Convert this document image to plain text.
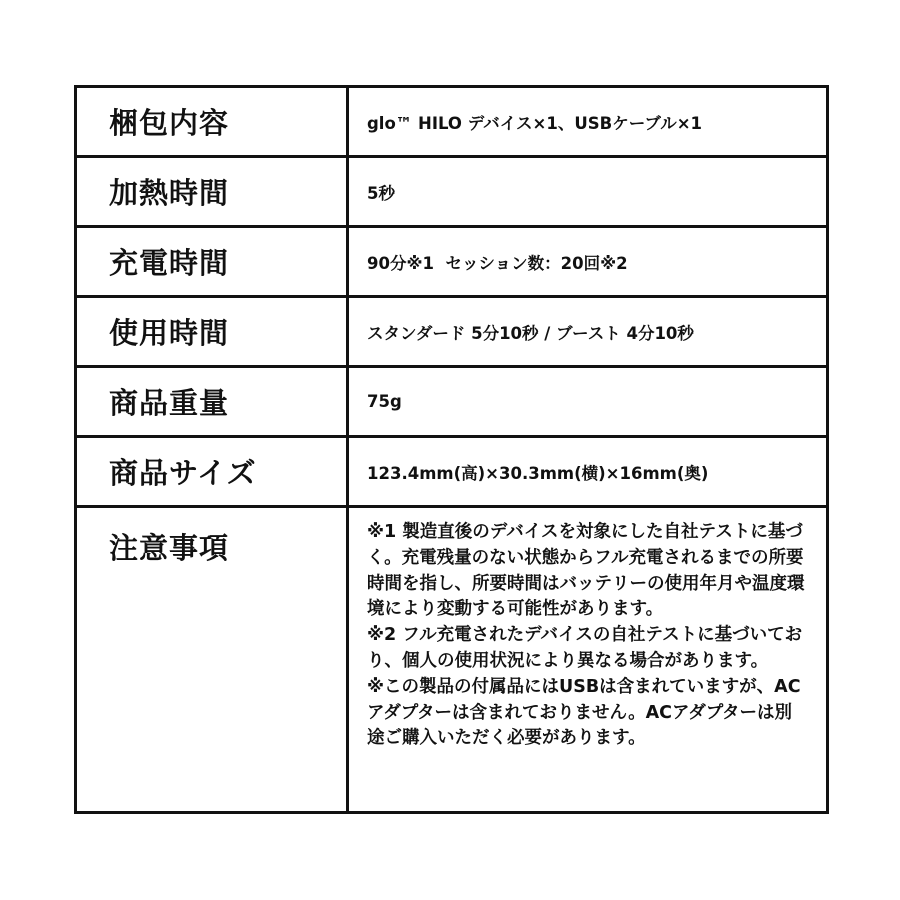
梱包内容	glo™ HILO デバイス×1、USBケーブル×1
加熱時間	5秒
充電時間	90分※1  セッション数：20回※2
使用時間	スタンダード 5分10秒 / ブースト 4分10秒
商品重量	75g
商品サイズ	123.4mm(高)×30.3mm(横)×16mm(奥)
注意事項	※1 製造直後のデバイスを対象にした自社テストに基づく。充電残量のない状態からフル充電されるまでの所要時間を指し、所要時間はバッテリーの使用年月や温度環境により変動する可能性があります。

※2 フル充電されたデバイスの自社テストに基づいており、個人の使用状況により異なる場合があります。

※この製品の付属品にはUSBは含まれていますが、ACアダプターは含まれておりません。ACアダプターは別途ご購入いただく必要があります。
